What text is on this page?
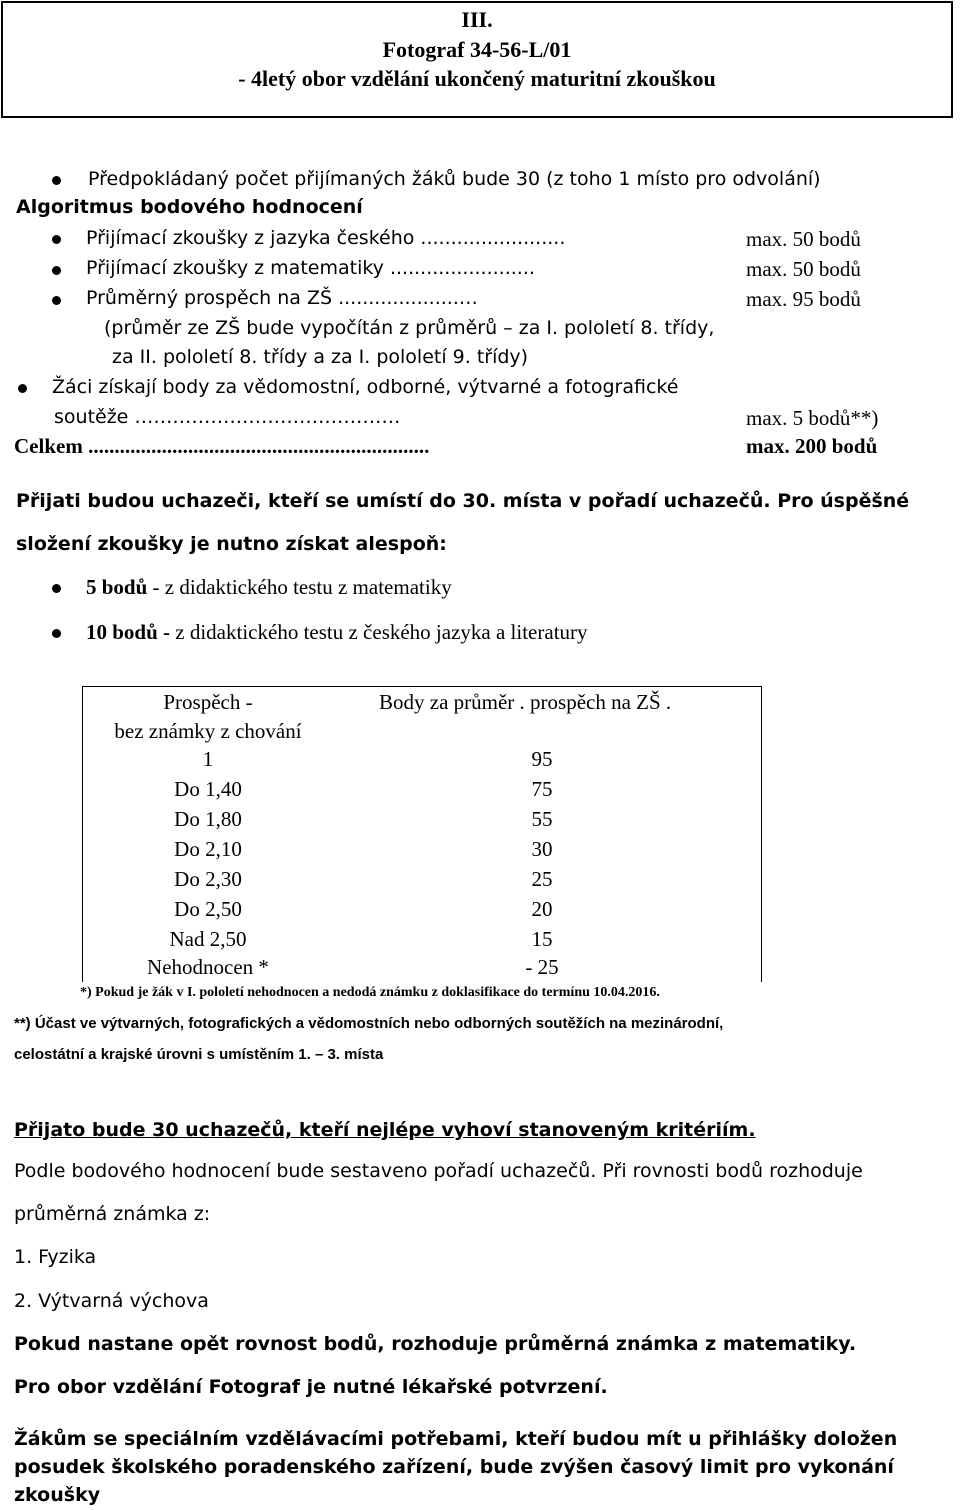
III.
Fotograf 34-56-L/01
- 4letý obor vzdělání ukončený maturitní zkouškou
Předpokládaný počet přijímaných žáků bude 30 (z toho 1 místo pro odvolání)
Algoritmus bodového hodnocení
Přijímací zkoušky z jazyka českého ........................	max. 50 bodů
Přijímací zkoušky z matematiky ........................	max. 50 bodů
Průměrný prospěch na ZŠ ....................…	max. 95 bodů
(průměr ze ZŠ bude vypočítán z průměrů – za I. pololetí 8. třídy,
za II. pololetí 8. třídy a za I. pololetí 9. třídy)
Žáci získají body za vědomostní, odborné, výtvarné a fotografické
soutěže ……………………………………	max. 5 bodů**)
Celkem .................................................................	max. 200 bodů
Přijati budou uchazeči, kteří se umístí do 30. místa v pořadí uchazečů. Pro úspěšné
složení zkoušky je nutno získat alespoň:
5 bodů - z didaktického testu z matematiky
10 bodů - z didaktického testu z českého jazyka a literatury
Prospěch -
bez známky z chování
Body za průměr . prospěch na ZŠ .
1	95
Do 1,40	75
Do 1,80	55
Do 2,10	30
Do 2,30	25
Do 2,50	20
Nad 2,50	15
Nehodnocen *	- 25
*) Pokud je žák v I. pololetí nehodnocen a nedodá známku z doklasifikace do termínu 10.04.2016.
**) Účast ve výtvarných, fotografických a vědomostních nebo odborných soutěžích na mezinárodní,
celostátní a krajské úrovni s umístěním 1. – 3. místa
Přijato bude 30 uchazečů, kteří nejlépe vyhoví stanoveným kritériím.
Podle bodového hodnocení bude sestaveno pořadí uchazečů. Při rovnosti bodů rozhoduje
průměrná známka z:
1. Fyzika
2. Výtvarná výchova
Pokud nastane opět rovnost bodů, rozhoduje průměrná známka z matematiky.
Pro obor vzdělání Fotograf je nutné lékařské potvrzení.
Žákům se speciálním vzdělávacími potřebami, kteří budou mít u přihlášky doložen
posudek školského poradenského zařízení, bude zvýšen časový limit pro vykonání
zkoušky
